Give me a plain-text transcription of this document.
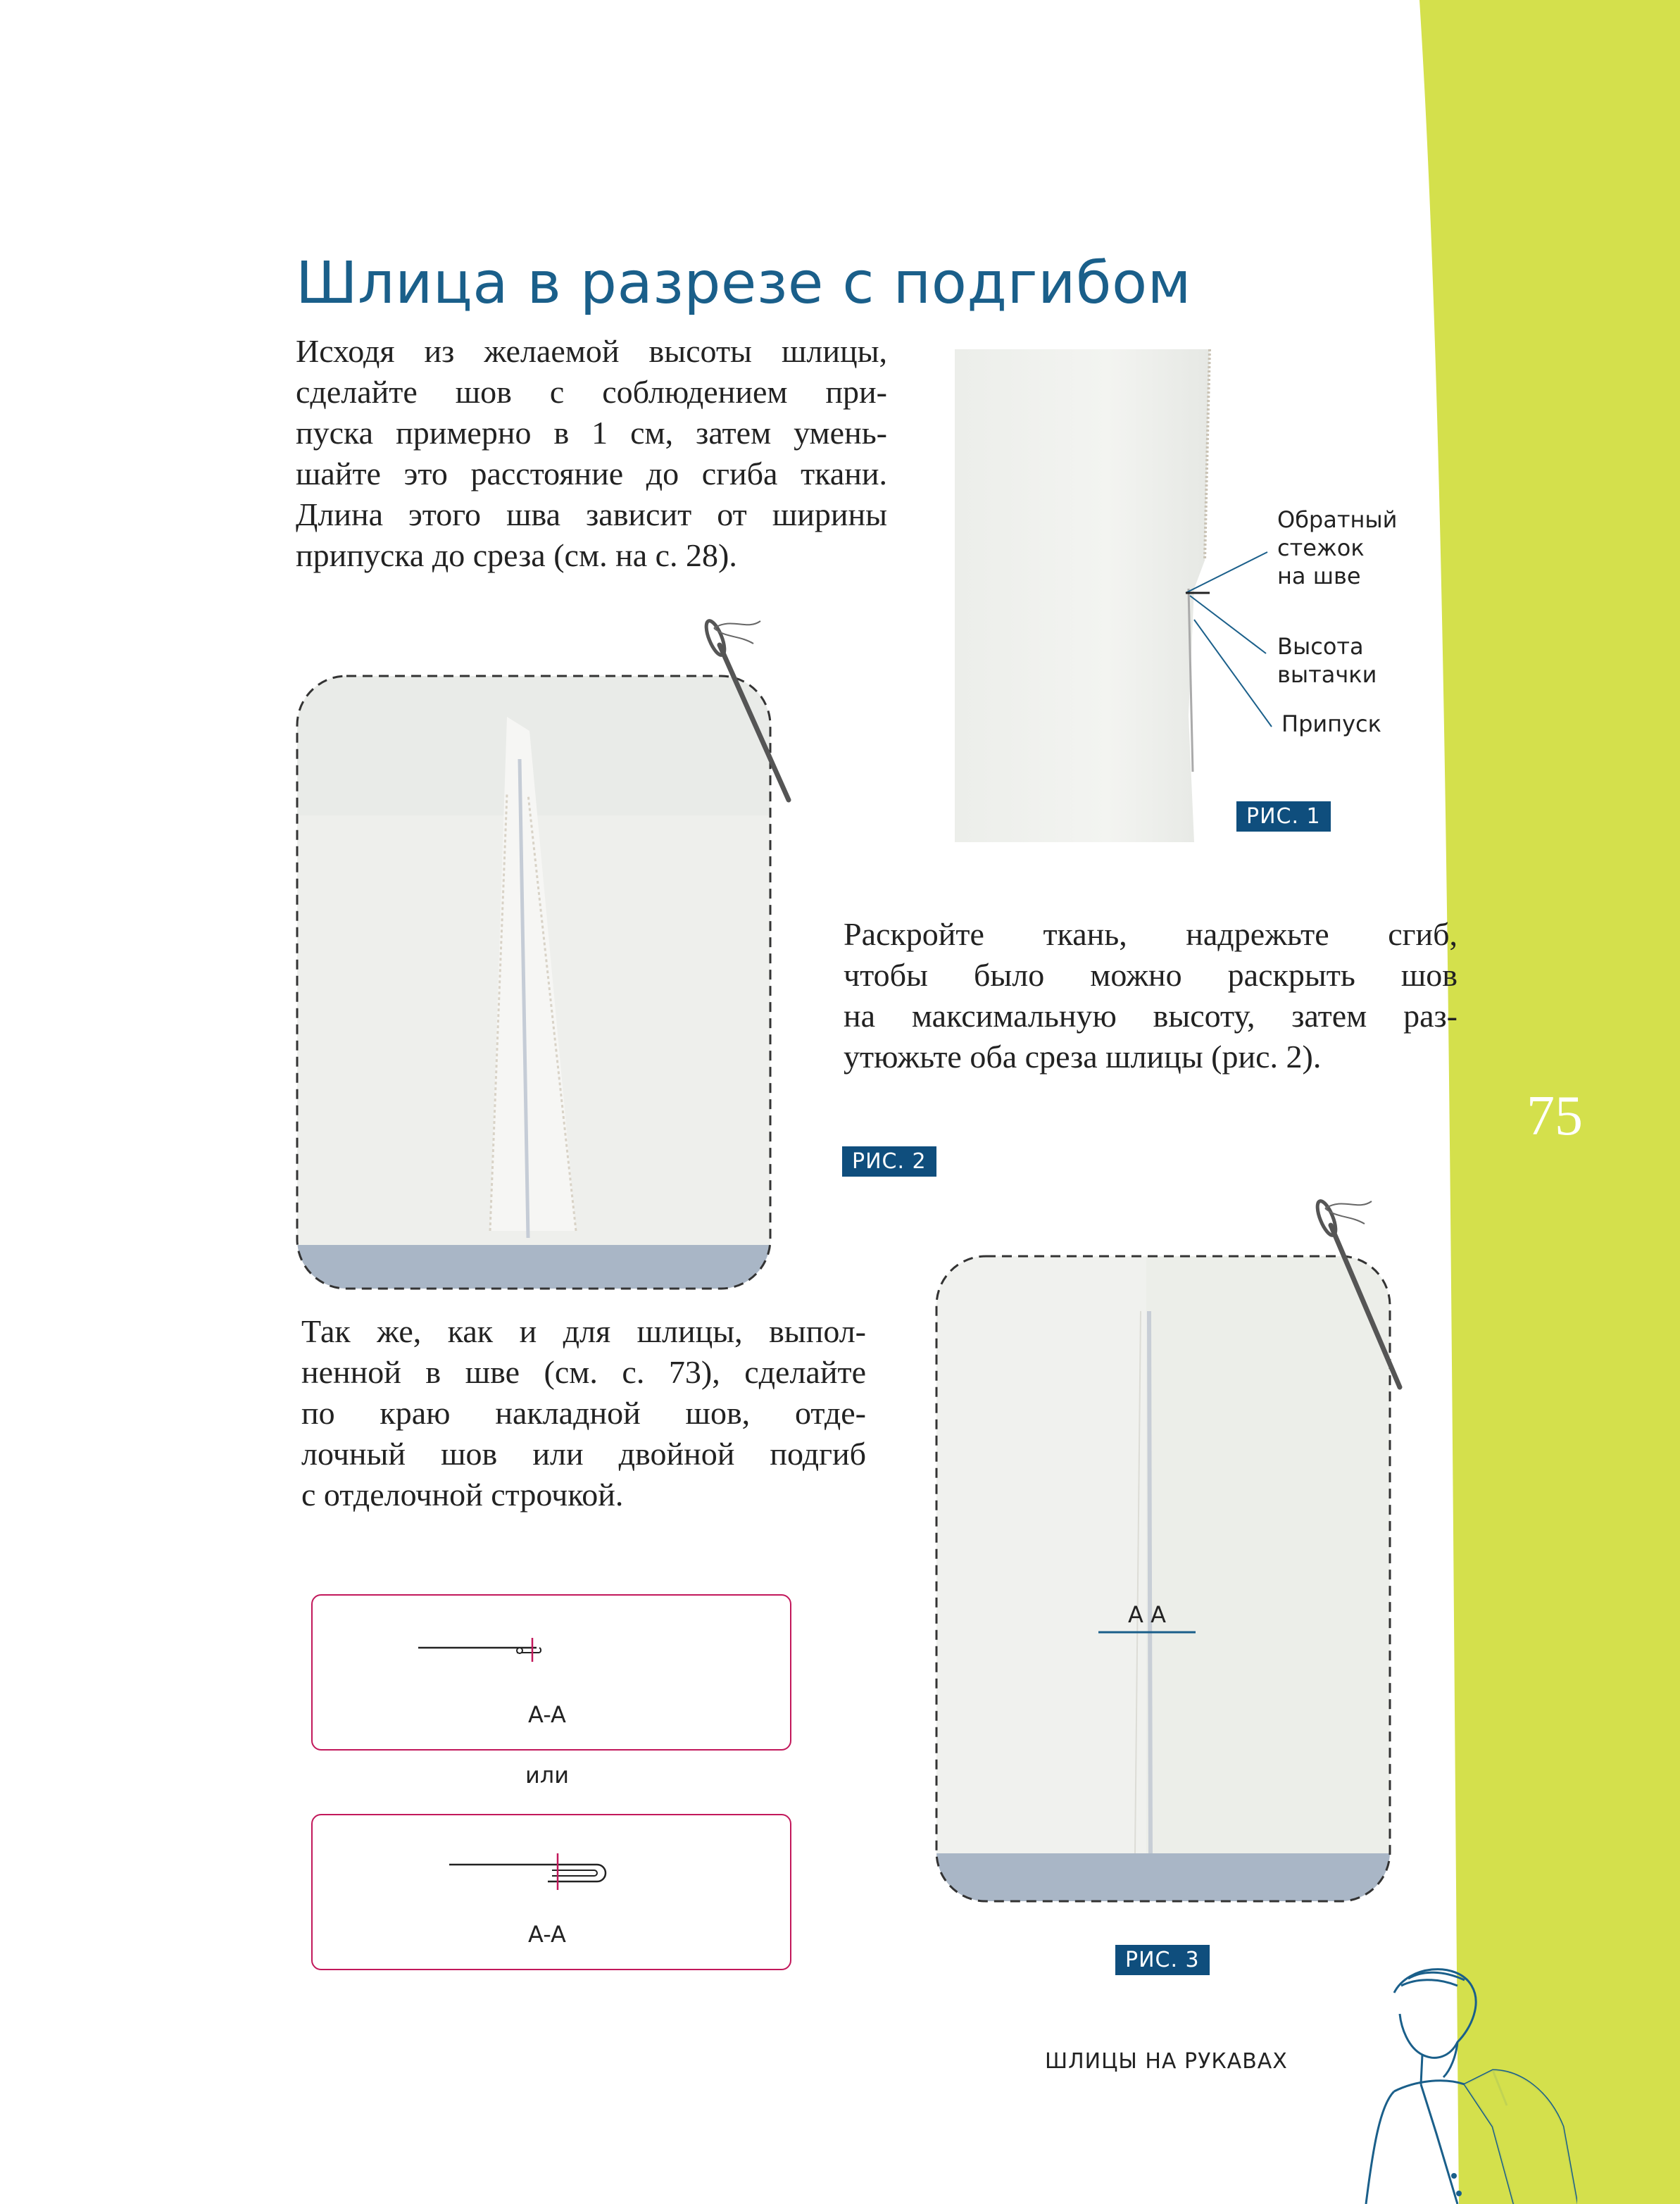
75
Шлица в разрезе с подгибом

Исходя из желаемой высоты шлицы,
сделайте шов с соблюдением при-
пуска примерно в 1 см, затем умень-
шайте это расстояние до сгиба ткани.
Длина этого шва зависит от ширины
припуска до среза (см. на с. 28).

Обратный
стежок
на шве
Высота
вытачки
Припуск
РИС. 1
РИС. 2

Раскройте ткань, надрежьте сгиб,
чтобы было можно раскрыть шов
на максимальную высоту, затем раз-
утюжьте оба среза шлицы (рис. 2).

Так же, как и для шлицы, выпол-
ненной в шве (см. с. 73), сделайте
по краю накладной шов, отде-
лочный шов или двойной подгиб
с отделочной строчкой.

A A
РИС. 3
A-A
или
A-A
ШЛИЦЫ НА РУКАВАХ
